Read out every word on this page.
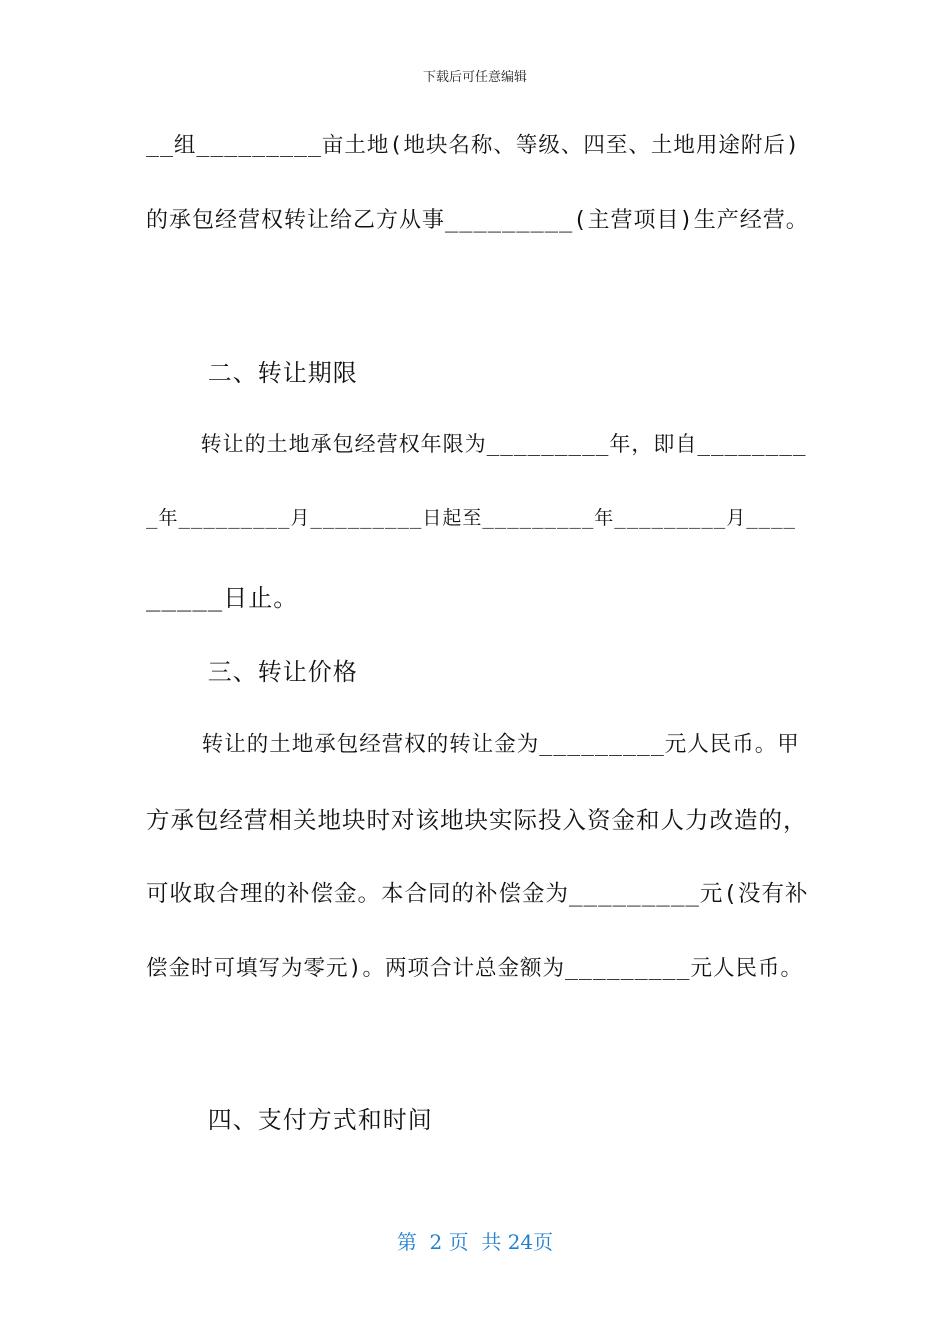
下载后可任意编辑
__组_________亩土地(地块名称、等级、四至、土地用途附后)
的承包经营权转让给乙方从事_________(主营项目)生产经营。
二、转让期限
转让的土地承包经营权年限为_________年，即自________
_年_________月_________日起至_________年_________月____
_____日止。
三、转让价格
转让的土地承包经营权的转让金为_________元人民币。甲
方承包经营相关地块时对该地块实际投入资金和人力改造的，
可收取合理的补偿金。本合同的补偿金为_________元(没有补
偿金时可填写为零元)。两项合计总金额为_________元人民币。
四、支付方式和时间
第  2 页  共 24页
